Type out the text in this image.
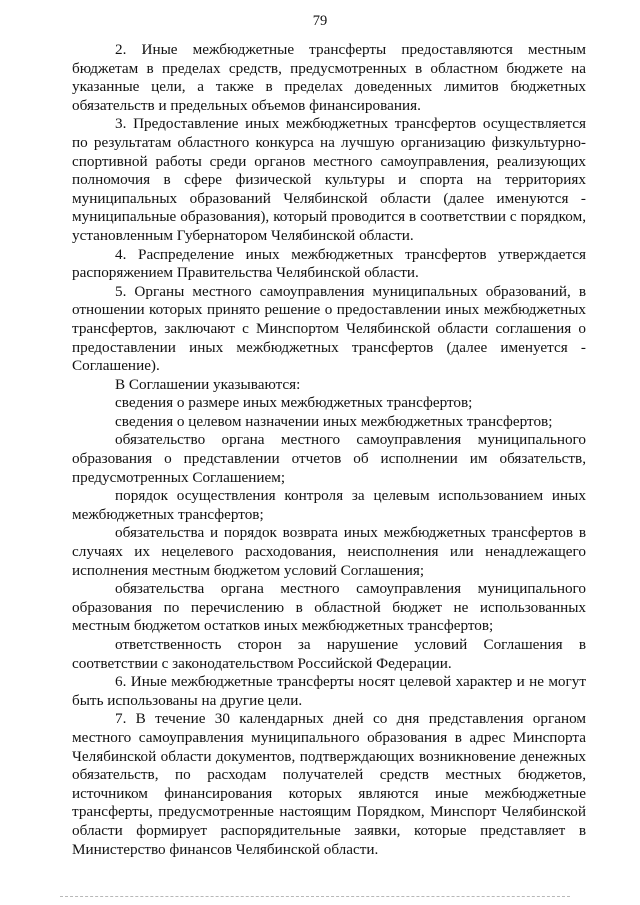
79

2. Иные межбюджетные трансферты предоставляются местным бюджетам в пределах средств, предусмотренных в областном бюджете на указанные цели, а также в пределах доведенных лимитов бюджетных обязательств и предельных объемов финансирования.

3. Предоставление иных межбюджетных трансфертов осуществляется по результатам областного конкурса на лучшую организацию физкультурно-спортивной работы среди органов местного самоуправления, реализующих полномочия в сфере физической культуры и спорта на территориях муниципальных образований Челябинской области (далее именуются - муниципальные образования), который проводится в соответствии с порядком, установленным Губернатором Челябинской области.

4. Распределение иных межбюджетных трансфертов утверждается распоряжением Правительства Челябинской области.

5. Органы местного самоуправления муниципальных образований, в отношении которых принято решение о предоставлении иных межбюджетных трансфертов, заключают с Минспортом Челябинской области соглашения о предоставлении иных межбюджетных трансфертов (далее именуется - Соглашение).

В Соглашении указываются:

сведения о размере иных межбюджетных трансфертов;

сведения о целевом назначении иных межбюджетных трансфертов;

обязательство органа местного самоуправления муниципального образования о представлении отчетов об исполнении им обязательств, предусмотренных Соглашением;

порядок осуществления контроля за целевым использованием иных межбюджетных трансфертов;

обязательства и порядок возврата иных межбюджетных трансфертов в случаях их нецелевого расходования, неисполнения или ненадлежащего исполнения местным бюджетом условий Соглашения;

обязательства органа местного самоуправления муниципального образования по перечислению в областной бюджет не использованных местным бюджетом остатков иных межбюджетных трансфертов;

ответственность сторон за нарушение условий Соглашения в соответствии с законодательством Российской Федерации.

6. Иные межбюджетные трансферты носят целевой характер и не могут быть использованы на другие цели.

7. В течение 30 календарных дней со дня представления органом местного самоуправления муниципального образования в адрес Минспорта Челябинской области документов, подтверждающих возникновение денежных обязательств, по расходам получателей средств местных бюджетов, источником финансирования которых являются иные межбюджетные трансферты, предусмотренные настоящим Порядком, Минспорт Челябинской области формирует распорядительные заявки, которые представляет в Министерство финансов Челябинской области.
